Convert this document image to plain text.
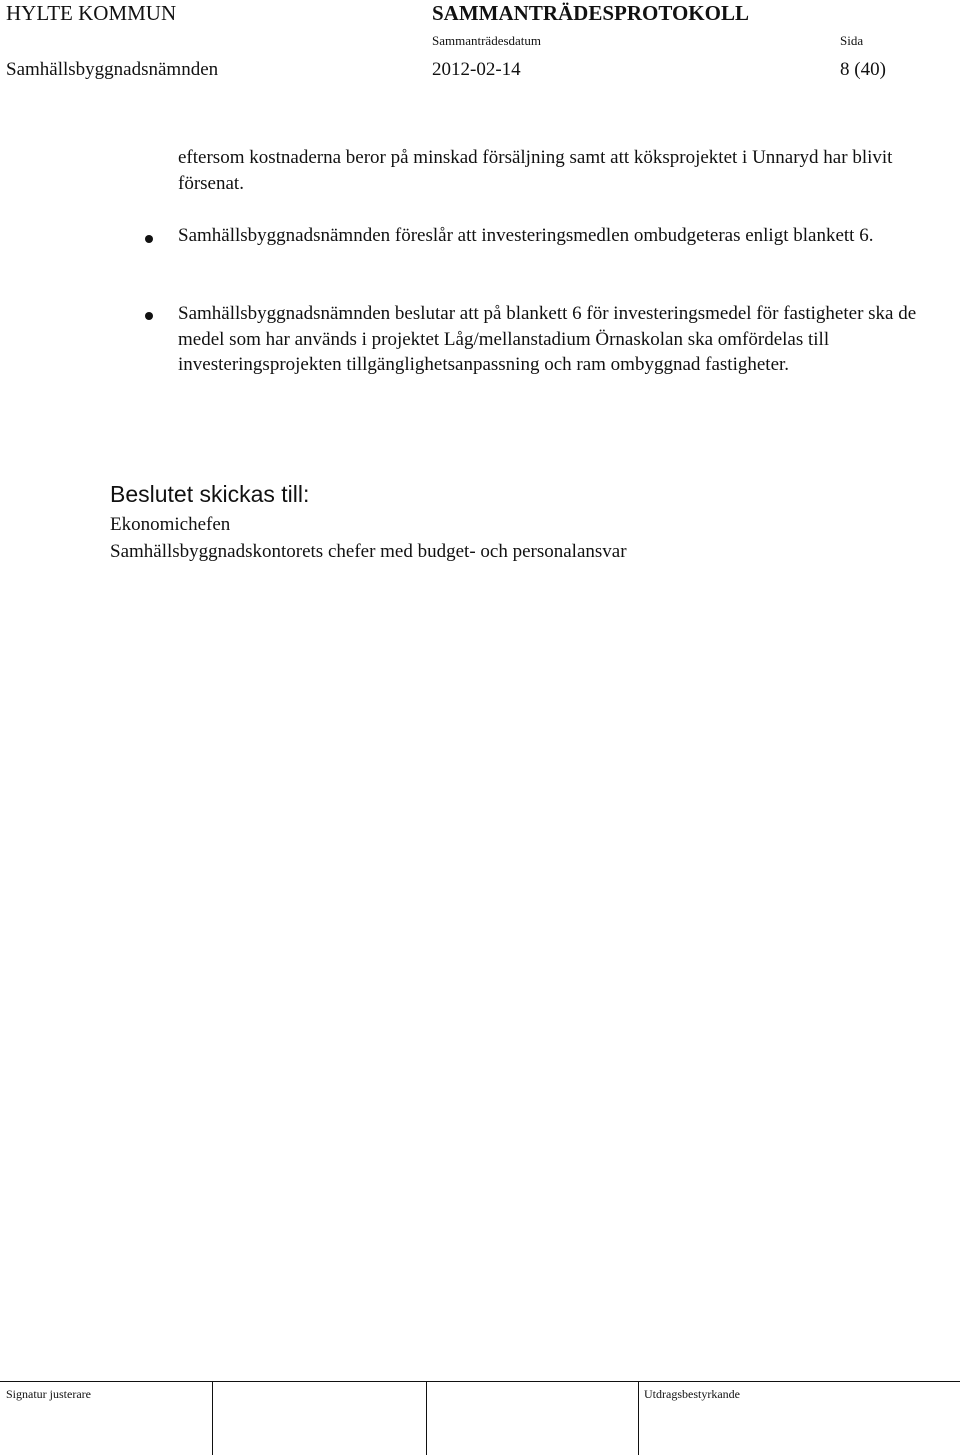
HYLTE KOMMUN	SAMMANTRÄDESPROTOKOLL
Sammanträdesdatum	Sida
Samhällsbyggnadsnämnden	2012-02-14	8 (40)
eftersom kostnaderna beror på minskad försäljning samt att köksprojektet i Unnaryd har blivit försenat.
Samhällsbyggnadsnämnden föreslår att investeringsmedlen ombudgeteras enligt blankett 6.
Samhällsbyggnadsnämnden beslutar att på blankett 6 för investeringsmedel för fastigheter ska de medel som har används i projektet Låg/mellanstadium Örnaskolan ska omfördelas till investeringsprojekten tillgänglighetsanpassning och ram ombyggnad fastigheter.
Beslutet skickas till:
Ekonomichefen
Samhällsbyggnadskontorets chefer med budget- och personalansvar
Signatur justerare	Utdragsbestyrkande
